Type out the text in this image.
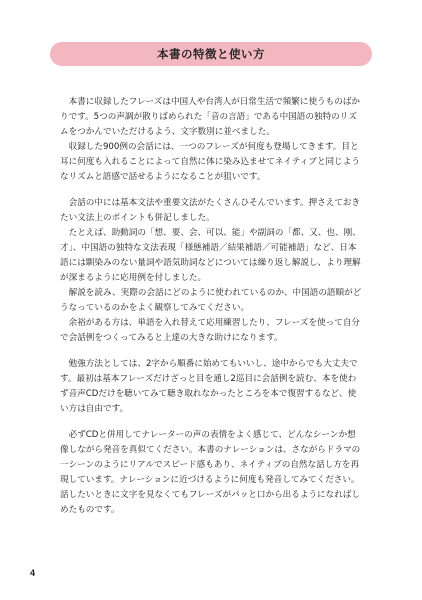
本書の特徴と使い方

　本書に収録したフレーズは中国人や台湾人が日常生活で頻繁に使うものばかりです。5つの声調が散りばめられた「音の言語」である中国語の独特のリズムをつかんでいただけるよう、文字数別に並べました。

　収録した900例の会話には、一つのフレーズが何度も登場してきます。目と耳に何度も入れることによって自然に体に染み込ませてネイティブと同じようなリズムと語感で話せるようになることが狙いです。

　会話の中には基本文法や重要文法がたくさんひそんでいます。押さえておきたい文法上のポイントも併記しました。

　たとえば、助動詞の「想、要、会、可以、能」や副詞の「都、又、也、刚、才」、中国語の独特な文法表現「様態補語／結果補語／可能補語」など、日本語には馴染みのない量詞や語気助詞などについては繰り返し解説し、より理解が深まるように応用例を付しました。

　解説を読み、実際の会話にどのように使われているのか、中国語の語順がどうなっているのかをよく観察してみてください。

　余裕がある方は、単語を入れ替えて応用練習したり、フレーズを使って自分で会話例をつくってみると上達の大きな助けになります。

　勉強方法としては、2字から順番に始めてもいいし、途中からでも大丈夫です。最初は基本フレーズだけざっと目を通し2巡目に会話例を読む、本を使わず音声CDだけを聴いてみて聴き取れなかったところを本で復習するなど、使い方は自由です。

　必ずCDと併用してナレーターの声の表情をよく感じて、どんなシーンか想像しながら発音を真似てください。本書のナレーションは、さながらドラマの一シーンのようにリアルでスピード感もあり、ネイティブの自然な話し方を再現しています。ナレーションに近づけるように何度も発音してみてください。話したいときに文字を見なくてもフレーズがパッと口から出るようになればしめたものです。

4
